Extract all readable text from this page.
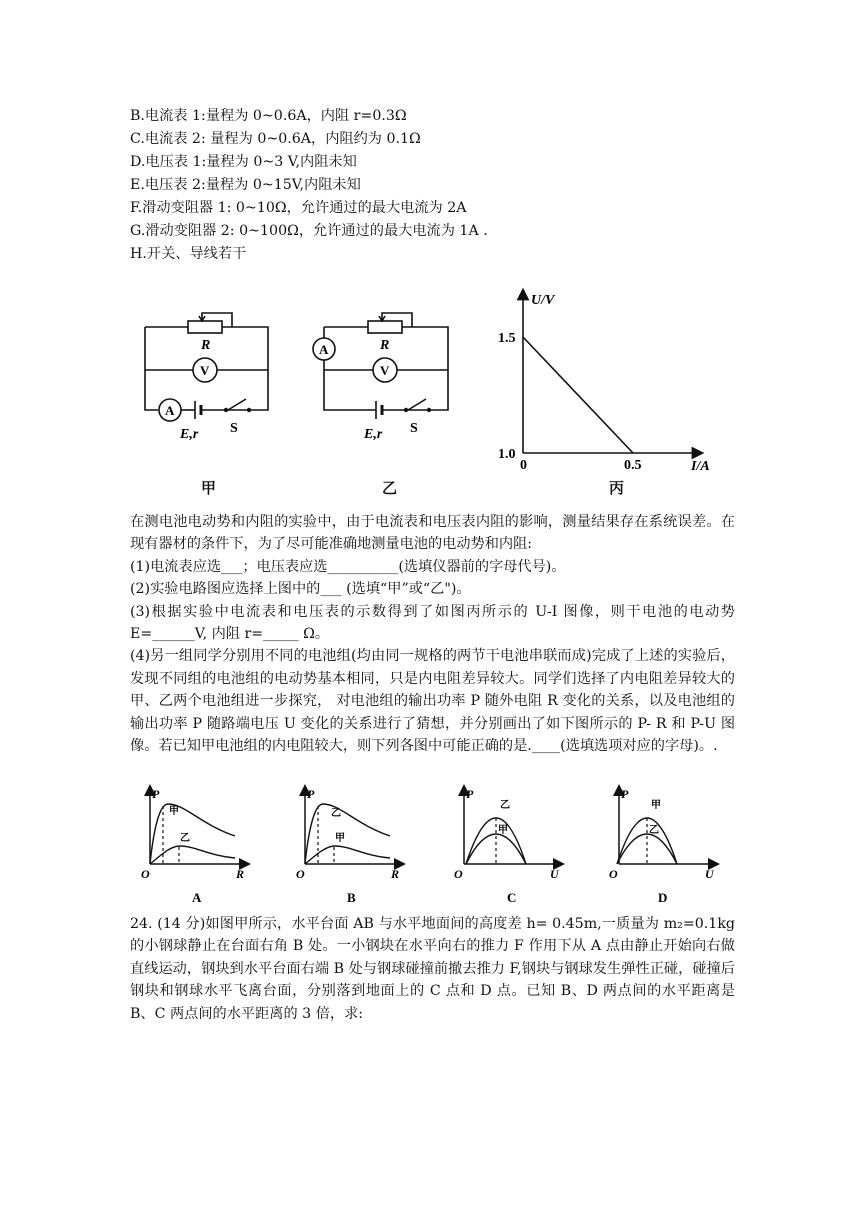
B.电流表 1:量程为 0~0.6A，内阻 r=0.3Ω
C.电流表 2: 量程为 0~0.6A，内阻约为 0.1Ω
D.电压表 1:量程为 0~3 V,内阻未知
E.电压表 2:量程为 0~15V,内阻未知
F.滑动变阻器 1: 0~10Ω，允许通过的最大电流为 2A
G.滑动变阻器 2: 0~100Ω，允许通过的最大电流为 1A .
H.开关、导线若干
R
V
A
E,r S
甲
A	R
V
E,r S
乙
U/V
I/A
1.5
1.0
0	0.5
丙

在测电池电动势和内阻的实验中，由于电流表和电压表内阻的影响，测量结果存在系统误差。在现有器材的条件下，为了尽可能准确地测量电池的电动势和内阻:

(1)电流表应选___；电压表应选__________(选填仪器前的字母代号)。

(2)实验电路图应选择上图中的___ (选填“甲”或“乙")。

(3)根据实验中电流表和电压表的示数得到了如图丙所示的 U-I 图像，则干电池的电动势 E=______V, 内阻 r=_____ Ω。

(4)另一组同学分别用不同的电池组(均由同一规格的两节干电池串联而成)完成了上述的实验后，发现不同组的电池组的电动势基本相同，只是内电阻差异较大。同学们选择了内电阻差异较大的甲、乙两个电池组进一步探究， 对电池组的输出功率 P 随外电阻 R 变化的关系，以及电池组的输出功率 P 随路端电压 U 变化的关系进行了猜想，并分别画出了如下图所示的 P- R 和 P-U 图像。若已知甲电池组的内电阻较大，则下列各图中可能正确的是.____(选填选项对应的字母)。.

P
R
O
甲
乙
A
P
R
O
乙
甲
B
P
U
O
乙
甲
C
P
U
O
甲
乙
D

24. (14 分)如图甲所示，水平台面 AB 与水平地面间的高度差 h= 0.45m,一质量为 m₂=0.1kg 的小钢球静止在台面右角 B 处。一小钢块在水平向右的推力 F 作用下从 A 点由静止开始向右做直线运动，钢块到水平台面右端 B 处与钢球碰撞前撤去推力 F,钢块与钢球发生弹性正碰，碰撞后钢块和钢球水平飞离台面，分别落到地面上的 C 点和 D 点。已知 B、D 两点间的水平距离是 B、C 两点间的水平距离的 3 倍，求:
